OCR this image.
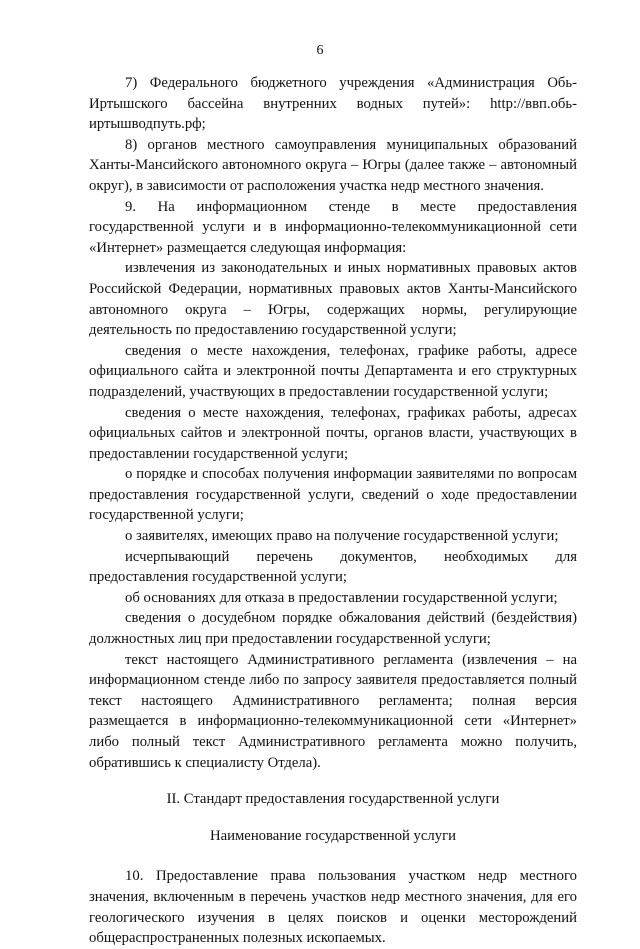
6

7) Федерального бюджетного учреждения «Администрация Обь-Иртышского бассейна внутренних водных путей»: http://ввп.обь-иртышводпуть.рф;

8) органов местного самоуправления муниципальных образований Ханты-Мансийского автономного округа – Югры (далее также – автономный округ), в зависимости от расположения участка недр местного значения.

9. На информационном стенде в месте предоставления государственной услуги и в информационно-телекоммуникационной сети «Интернет» размещается следующая информация:

извлечения из законодательных и иных нормативных правовых актов Российской Федерации, нормативных правовых актов Ханты-Мансийского автономного округа – Югры, содержащих нормы, регулирующие деятельность по предоставлению государственной услуги;

сведения о месте нахождения, телефонах, графике работы, адресе официального сайта и электронной почты Департамента и его структурных подразделений, участвующих в предоставлении государственной услуги;

сведения о месте нахождения, телефонах, графиках работы, адресах официальных сайтов и электронной почты, органов власти, участвующих в предоставлении государственной услуги;

о порядке и способах получения информации заявителями по вопросам предоставления государственной услуги, сведений о ходе предоставлении государственной услуги;

о заявителях, имеющих право на получение государственной услуги;

исчерпывающий перечень документов, необходимых для предоставления государственной услуги;

об основаниях для отказа в предоставлении государственной услуги;

сведения о досудебном порядке обжалования действий (бездействия) должностных лиц при предоставлении государственной услуги;

текст настоящего Административного регламента (извлечения – на информационном стенде либо по запросу заявителя предоставляется полный текст настоящего Административного регламента; полная версия размещается в информационно-телекоммуникационной сети «Интернет» либо полный текст Административного регламента можно получить, обратившись к специалисту Отдела).

II. Стандарт предоставления государственной услуги

Наименование государственной услуги

10. Предоставление права пользования участком недр местного значения, включенным в перечень участков недр местного значения, для его геологического изучения в целях поисков и оценки месторождений общераспространенных полезных ископаемых.
